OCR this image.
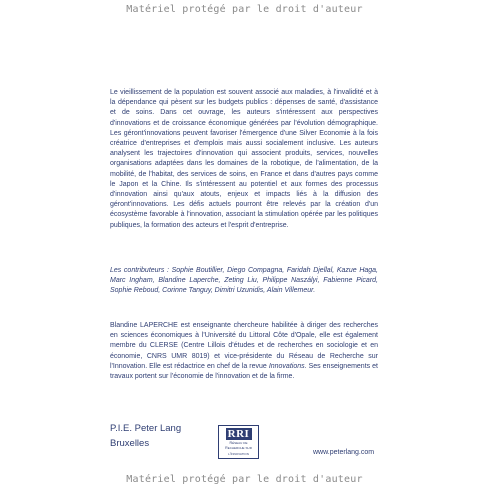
Matériel protégé par le droit d'auteur
Le vieillissement de la population est souvent associé aux maladies, à l'invalidité et à la dépendance qui pèsent sur les budgets publics : dépenses de santé, d'assistance et de soins. Dans cet ouvrage, les auteurs s'intéressent aux perspectives d'innovations et de croissance économique générées par l'évolution démographique. Les géront'innovations peuvent favoriser l'émergence d'une Silver Economie à la fois créatrice d'entreprises et d'emplois mais aussi socialement inclusive. Les auteurs analysent les trajectoires d'innovation qui associent produits, services, nouvelles organisations adaptées dans les domaines de la robotique, de l'alimentation, de la mobilité, de l'habitat, des services de soins, en France et dans d'autres pays comme le Japon et la Chine. Ils s'intéressent au potentiel et aux formes des processus d'innovation ainsi qu'aux atouts, enjeux et impacts liés à la diffusion des géront'innovations. Les défis actuels pourront être relevés par la création d'un écosystème favorable à l'innovation, associant la stimulation opérée par les politiques publiques, la formation des acteurs et l'esprit d'entreprise.
Les contributeurs : Sophie Boutillier, Diego Compagna, Faridah Djellal, Kazue Haga, Marc Ingham, Blandine Laperche, Zeting Liu, Philippe Naszályi, Fabienne Picard, Sophie Reboud, Corinne Tanguy, Dimitri Uzunidis, Alain Villemeur.
Blandine LAPERCHE est enseignante chercheure habilitée à diriger des recherches en sciences économiques à l'Université du Littoral Côte d'Opale, elle est également membre du CLERSE (Centre Lillois d'études et de recherches en sociologie et en économie, CNRS UMR 8019) et vice-présidente du Réseau de Recherche sur l'Innovation. Elle est rédactrice en chef de la revue Innovations. Ses enseignements et travaux portent sur l'économie de l'innovation et de la firme.
P.I.E. Peter Lang
Bruxelles
RRI
Réseau de
Recherche sur
l'Innovation	www.peterlang.com
Matériel protégé par le droit d'auteur
